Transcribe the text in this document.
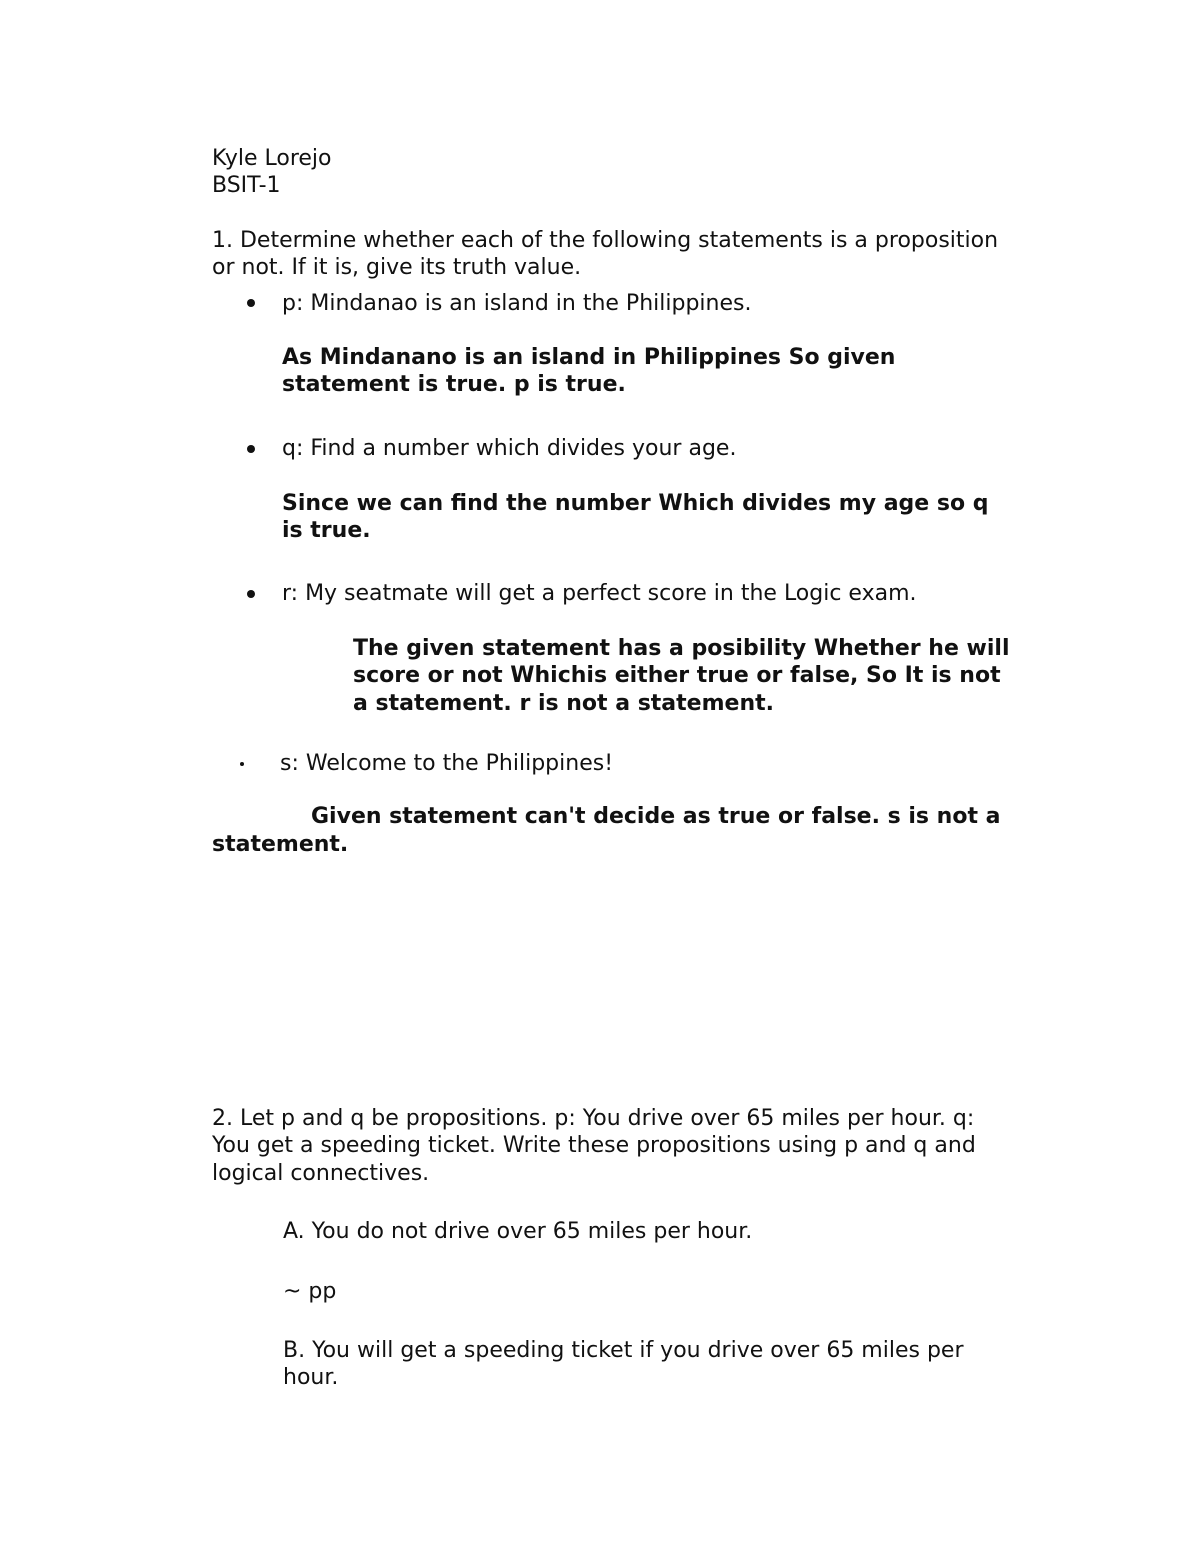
Kyle Lorejo

BSIT-1

1. Determine whether each of the following statements is a proposition

or not. If it is, give its truth value.

p: Mindanao is an island in the Philippines.

As Mindanano is an island in Philippines So given

statement is true. p is true.

q: Find a number which divides your age.

Since we can find the number Which divides my age so q

is true.

r: My seatmate will get a perfect score in the Logic exam.

The given statement has a posibility Whether he will

score or not Whichis either true or false, So It is not

a statement. r is not a statement.

s: Welcome to the Philippines!

Given statement can't decide as true or false. s is not a

statement.

2. Let p and q be propositions. p: You drive over 65 miles per hour. q:

You get a speeding ticket. Write these propositions using p and q and

logical connectives.

A. You do not drive over 65 miles per hour.

~ pp

B. You will get a speeding ticket if you drive over 65 miles per

hour.
